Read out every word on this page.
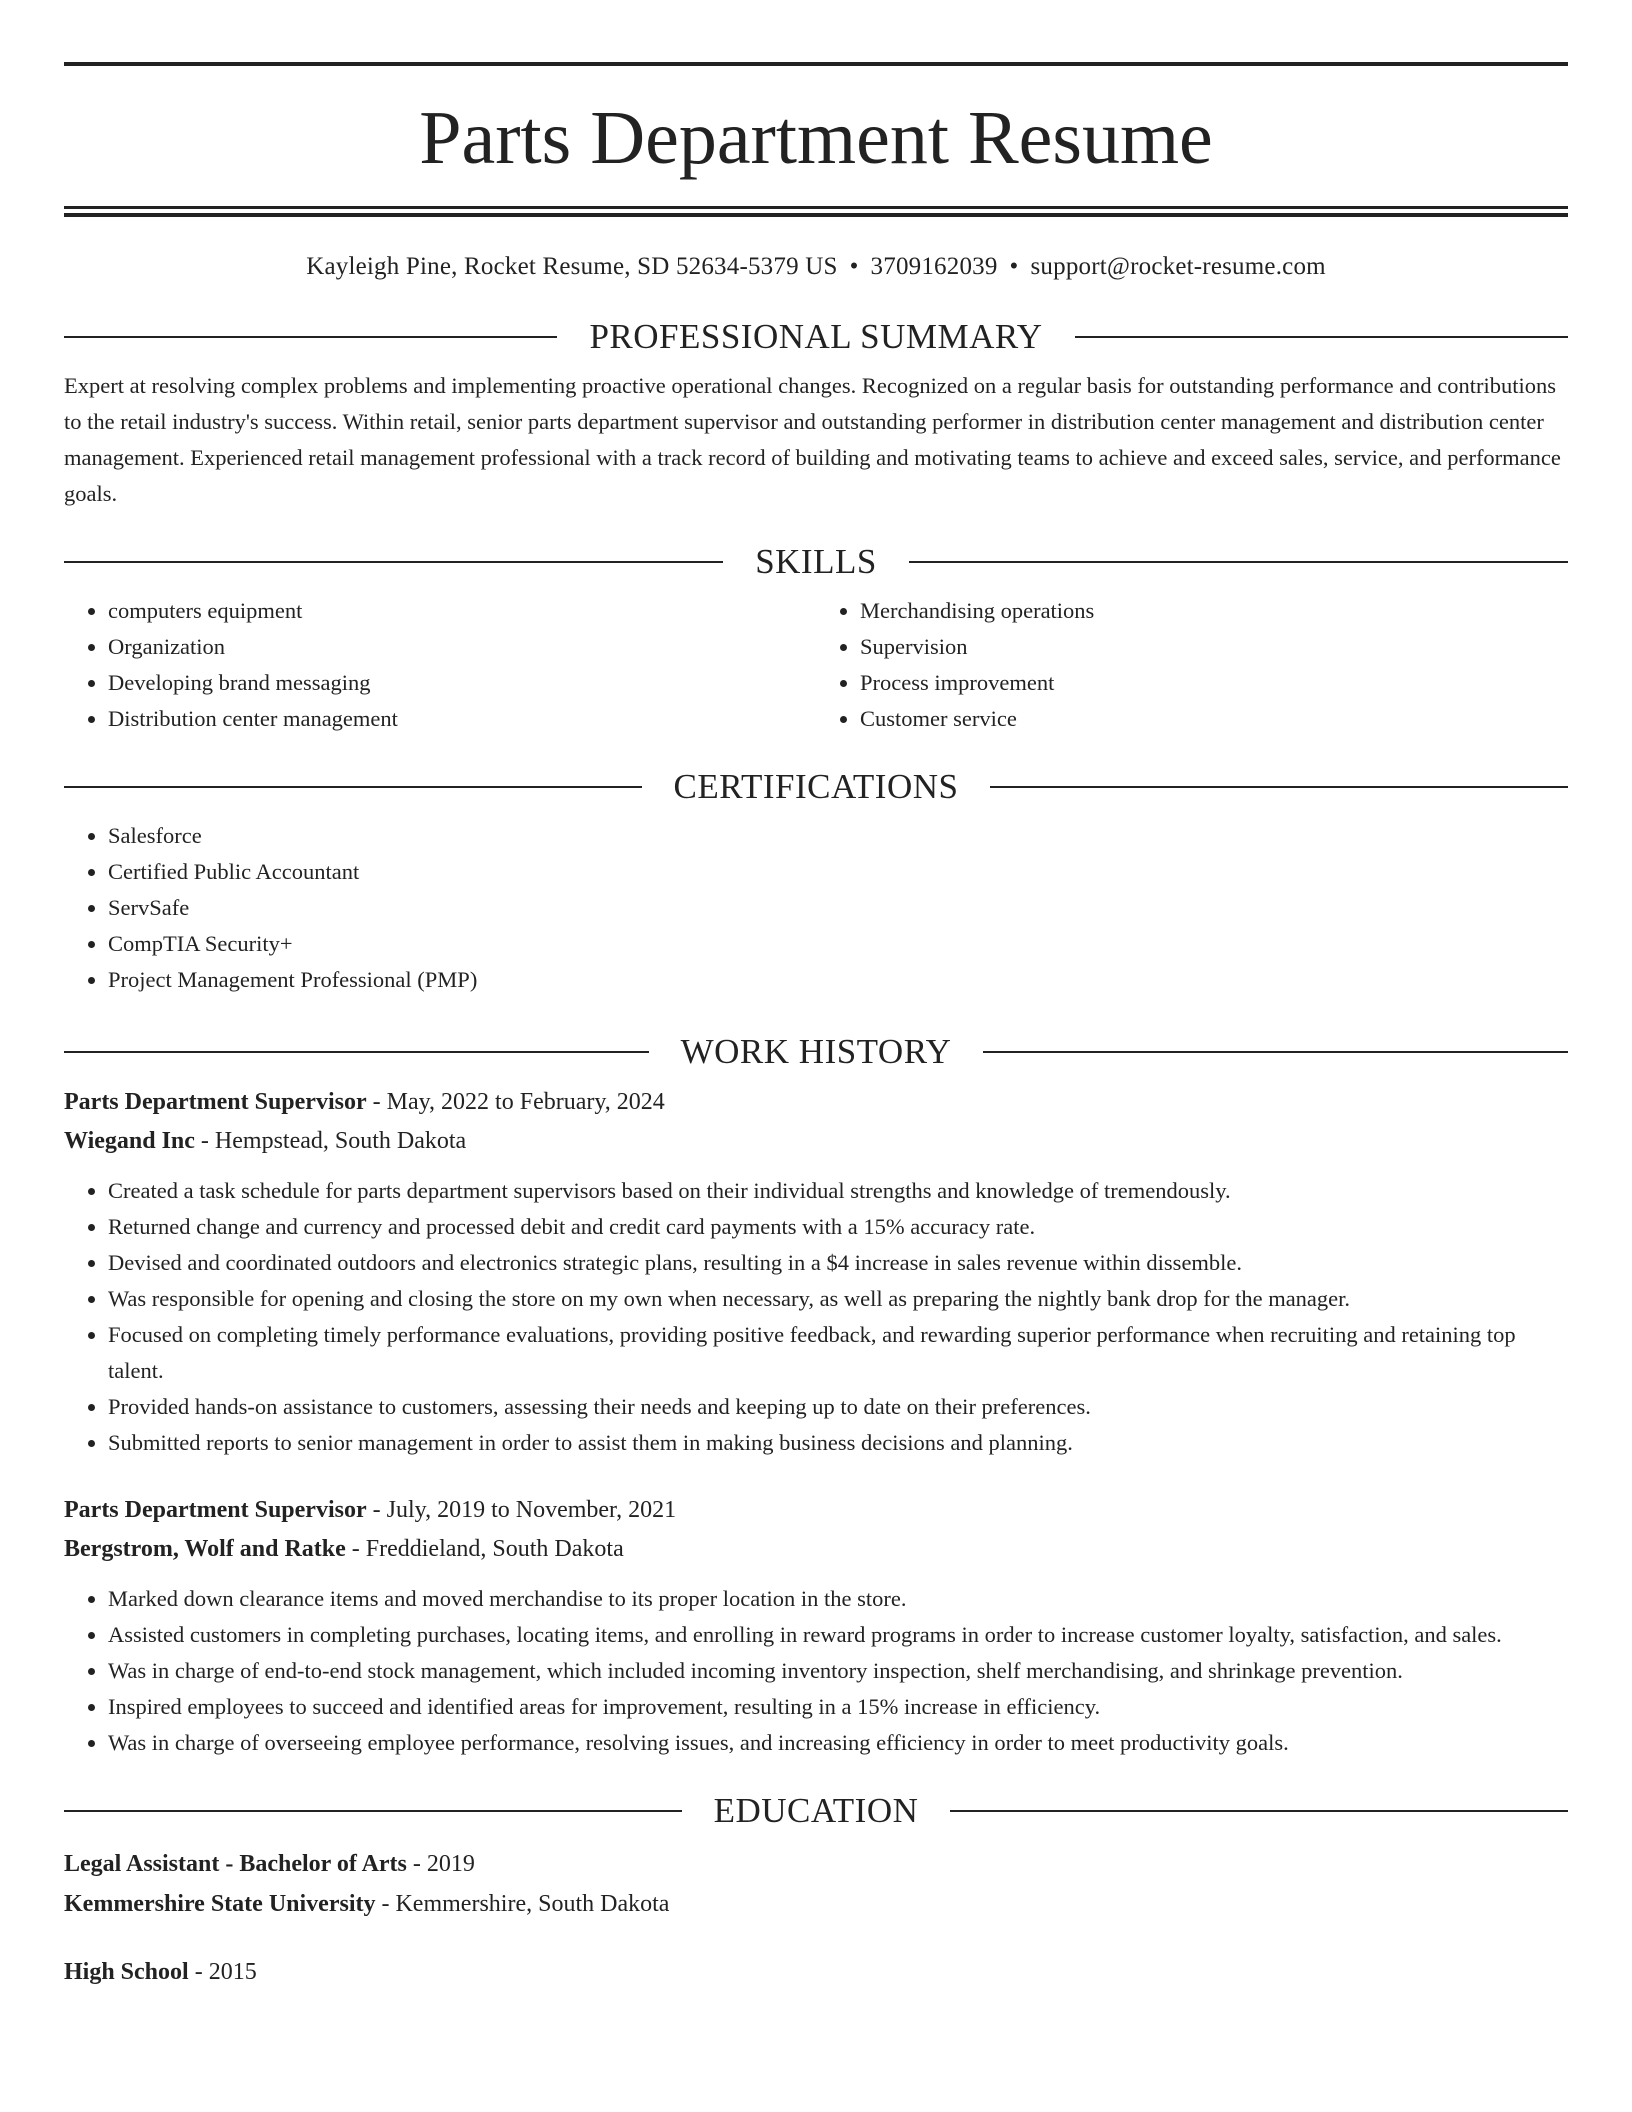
Parts Department Resume
Kayleigh Pine, Rocket Resume, SD 52634-5379 US • 3709162039 • support@rocket-resume.com
PROFESSIONAL SUMMARY

Expert at resolving complex problems and implementing proactive operational changes. Recognized on a regular basis for outstanding performance and contributions to the retail industry's success. Within retail, senior parts department supervisor and outstanding performer in distribution center management and distribution center management. Experienced retail management professional with a track record of building and motivating teams to achieve and exceed sales, service, and performance goals.

SKILLS
• computers equipment
• Organization
• Developing brand messaging
• Distribution center management
• Merchandising operations
• Supervision
• Process improvement
• Customer service
CERTIFICATIONS
• Salesforce
• Certified Public Accountant
• ServSafe
• CompTIA Security+
• Project Management Professional (PMP)
WORK HISTORY
Parts Department Supervisor - May, 2022 to February, 2024
Wiegand Inc - Hempstead, South Dakota
• Created a task schedule for parts department supervisors based on their individual strengths and knowledge of tremendously.
• Returned change and currency and processed debit and credit card payments with a 15% accuracy rate.
• Devised and coordinated outdoors and electronics strategic plans, resulting in a $4 increase in sales revenue within dissemble.
• Was responsible for opening and closing the store on my own when necessary, as well as preparing the nightly bank drop for the manager.
• Focused on completing timely performance evaluations, providing positive feedback, and rewarding superior performance when recruiting and retaining top talent.
• Provided hands-on assistance to customers, assessing their needs and keeping up to date on their preferences.
• Submitted reports to senior management in order to assist them in making business decisions and planning.
Parts Department Supervisor - July, 2019 to November, 2021
Bergstrom, Wolf and Ratke - Freddieland, South Dakota
• Marked down clearance items and moved merchandise to its proper location in the store.
• Assisted customers in completing purchases, locating items, and enrolling in reward programs in order to increase customer loyalty, satisfaction, and sales.
• Was in charge of end-to-end stock management, which included incoming inventory inspection, shelf merchandising, and shrinkage prevention.
• Inspired employees to succeed and identified areas for improvement, resulting in a 15% increase in efficiency.
• Was in charge of overseeing employee performance, resolving issues, and increasing efficiency in order to meet productivity goals.
EDUCATION
Legal Assistant - Bachelor of Arts - 2019
Kemmershire State University - Kemmershire, South Dakota
High School - 2015
